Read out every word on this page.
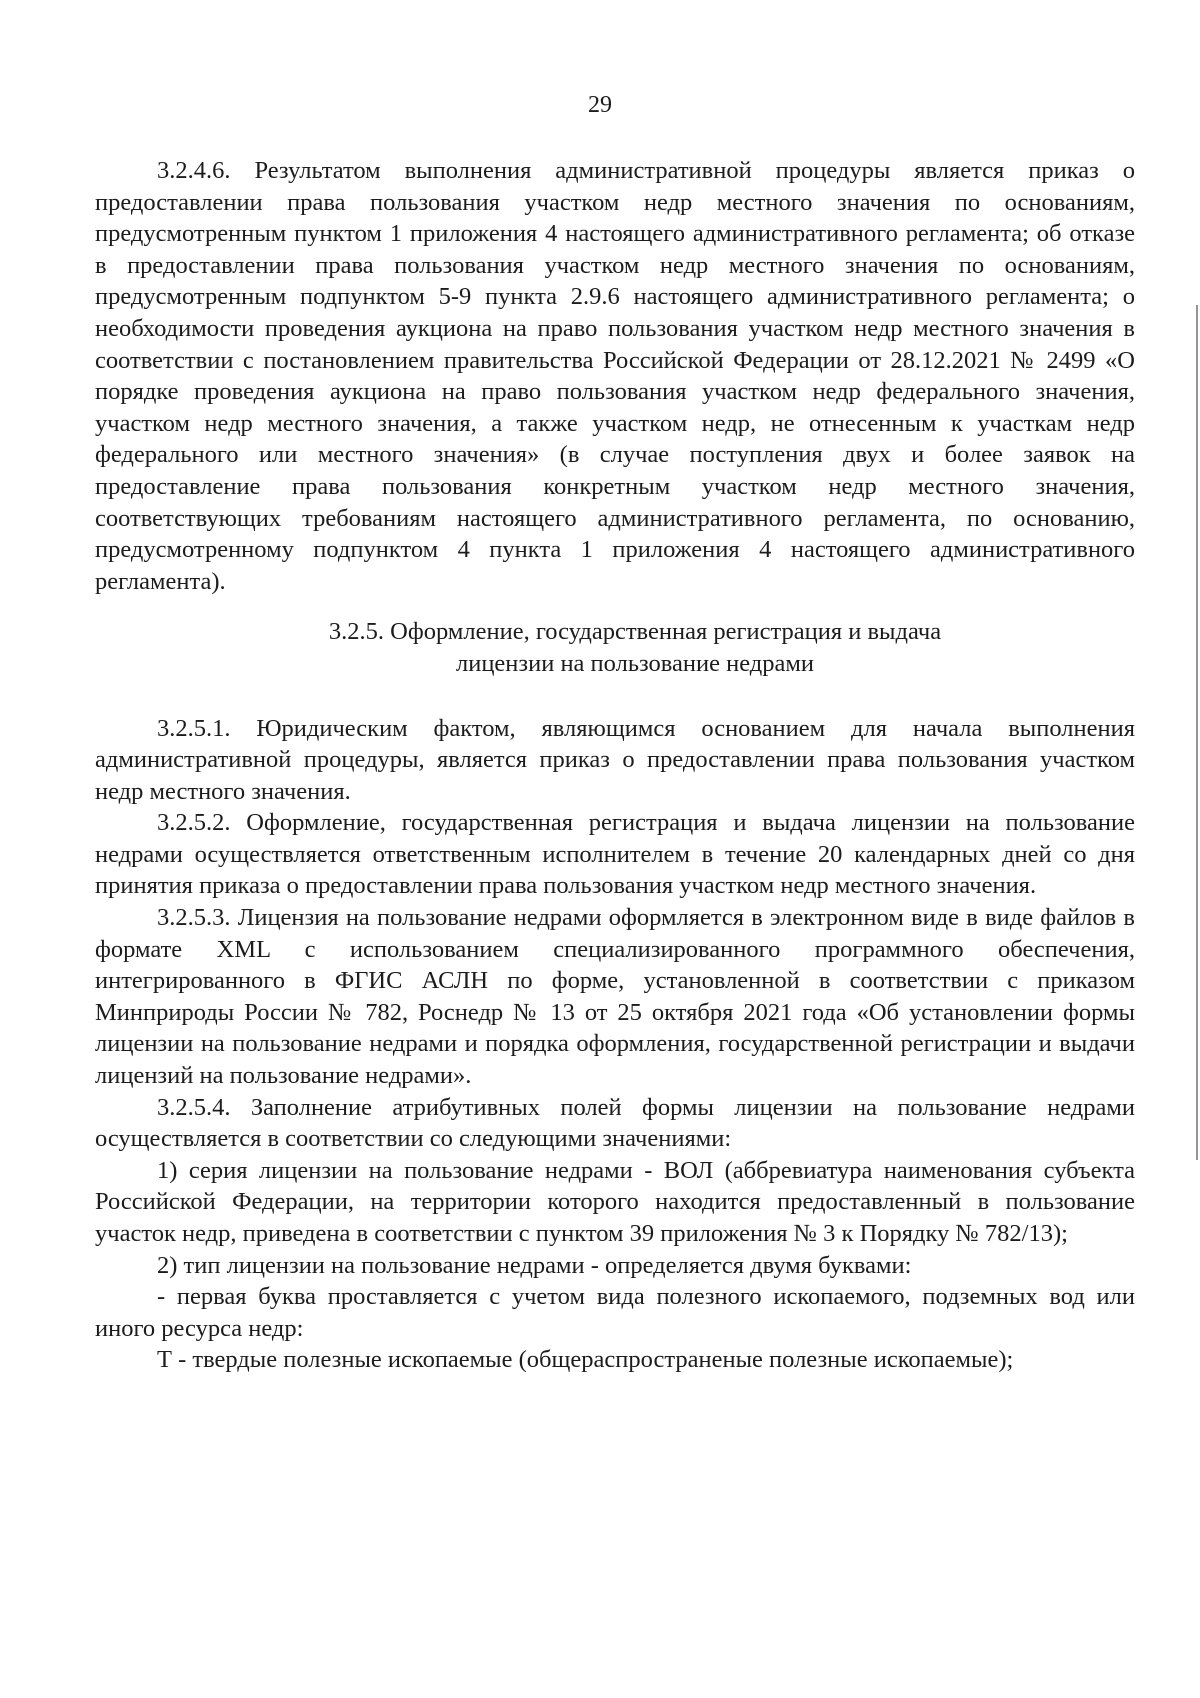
29

3.2.4.6. Результатом выполнения административной процедуры является приказ о предоставлении права пользования участком недр местного значения по основаниям, предусмотренным пунктом 1 приложения 4 настоящего административного регламента; об отказе в предоставлении права пользования участком недр местного значения по основаниям, предусмотренным подпунктом 5-9 пункта 2.9.6 настоящего административного регламента; о необходимости проведения аукциона на право пользования участком недр местного значения в соответствии с постановлением правительства Российской Федерации от 28.12.2021 № 2499 «О порядке проведения аукциона на право пользования участком недр федерального значения, участком недр местного значения, а также участком недр, не отнесенным к участкам недр федерального или местного значения» (в случае поступления двух и более заявок на предоставление права пользования конкретным участком недр местного значения, соответствующих требованиям настоящего административного регламента, по основанию, предусмотренному подпунктом 4 пункта 1 приложения 4 настоящего административного регламента).

3.2.5. Оформление, государственная регистрация и выдача
лицензии на пользование недрами

3.2.5.1. Юридическим фактом, являющимся основанием для начала выполнения административной процедуры, является приказ о предоставлении права пользования участком недр местного значения.

3.2.5.2. Оформление, государственная регистрация и выдача лицензии на пользование недрами осуществляется ответственным исполнителем в течение 20 календарных дней со дня принятия приказа о предоставлении права пользования участком недр местного значения.

3.2.5.3. Лицензия на пользование недрами оформляется в электронном виде в виде файлов в формате XML с использованием специализированного программного обеспечения, интегрированного в ФГИС АСЛН по форме, установленной в соответствии с приказом Минприроды России № 782, Роснедр № 13 от 25 октября 2021 года «Об установлении формы лицензии на пользование недрами и порядка оформления, государственной регистрации и выдачи лицензий на пользование недрами».

3.2.5.4. Заполнение атрибутивных полей формы лицензии на пользование недрами осуществляется в соответствии со следующими значениями:

1) серия лицензии на пользование недрами - ВОЛ (аббревиатура наименования субъекта Российской Федерации, на территории которого находится предоставленный в пользование участок недр, приведена в соответствии с пунктом 39 приложения № 3 к Порядку № 782/13);

2) тип лицензии на пользование недрами - определяется двумя буквами:

- первая буква проставляется с учетом вида полезного ископаемого, подземных вод или иного ресурса недр:

Т - твердые полезные ископаемые (общераспространеные полезные ископаемые);
